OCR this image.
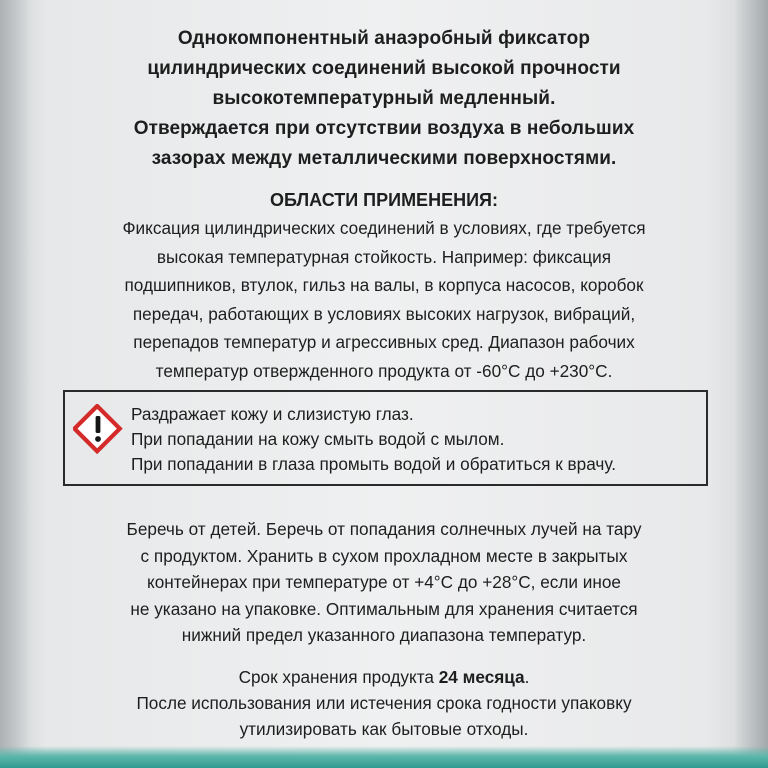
Однокомпонентный анаэробный фиксатор
цилиндрических соединений высокой прочности
высокотемпературный медленный.
Отверждается при отсутствии воздуха в небольших
зазорах между металлическими поверхностями.
ОБЛАСТИ ПРИМЕНЕНИЯ:
Фиксация цилиндрических соединений в условиях, где требуется
высокая температурная стойкость. Например: фиксация
подшипников, втулок, гильз на валы, в корпуса насосов, коробок
передач, работающих в условиях высоких нагрузок, вибраций,
перепадов температур и агрессивных сред. Диапазон рабочих
температур отвержденного продукта от -60°С до +230°С.
Раздражает кожу и слизистую глаз.
При попадании на кожу смыть водой с мылом.
При попадании в глаза промыть водой и обратиться к врачу.
Беречь от детей. Беречь от попадания солнечных лучей на тару
с продуктом. Хранить в сухом прохладном месте в закрытых
контейнерах при температуре от +4°С до +28°С, если иное
не указано на упаковке. Оптимальным для хранения считается
нижний предел указанного диапазона температур.
Срок хранения продукта 24 месяца.
После использования или истечения срока годности упаковку
утилизировать как бытовые отходы.
